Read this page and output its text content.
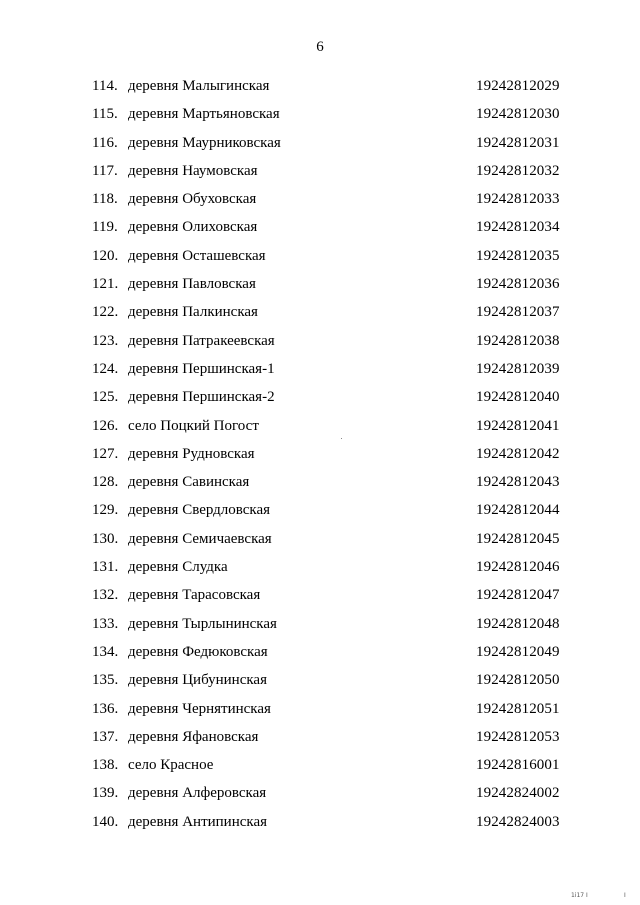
6
114. деревня Малыгинская	19242812029
115. деревня Мартьяновская	19242812030
116. деревня Маурниковская	19242812031
117. деревня Наумовская	19242812032
118. деревня Обуховская	19242812033
119. деревня Олиховская	19242812034
120. деревня Осташевская	19242812035
121. деревня Павловская	19242812036
122. деревня Палкинская	19242812037
123. деревня Патракеевская	19242812038
124. деревня Першинская-1	19242812039
125. деревня Першинская-2	19242812040
126. село Поцкий Погост	19242812041
127. деревня Руднoвская	19242812042
128. деревня Савинская	19242812043
129. деревня Свердловская	19242812044
130. деревня Семичаевская	19242812045
131. деревня Слудка	19242812046
132. деревня Тарасовская	19242812047
133. деревня Тырлынинская	19242812048
134. деревня Федюковская	19242812049
135. деревня Цибунинская	19242812050
136. деревня Чернятинская	19242812051
137. деревня Яфановская	19242812053
138. село Красное	19242816001
139. деревня Алферовская	19242824002
140. деревня Антипинская	19242824003
1i17 I	I
